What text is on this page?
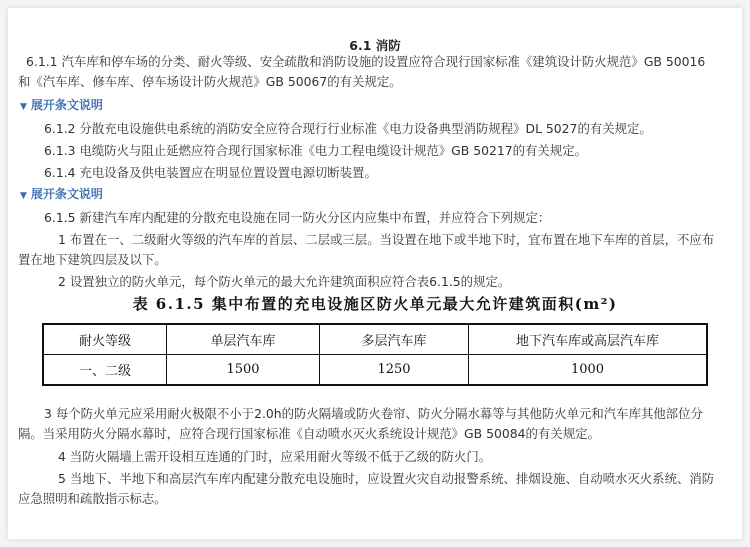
6.1 消防
6.1.1 汽车库和停车场的分类、耐火等级、安全疏散和消防设施的设置应符合现行国家标准《建筑设计防火规范》GB 50016
和《汽车库、修车库、停车场设计防火规范》GB 50067的有关规定。
▼ 展开条文说明
6.1.2 分散充电设施供电系统的消防安全应符合现行行业标准《电力设备典型消防规程》DL 5027的有关规定。
6.1.3 电缆防火与阻止延燃应符合现行国家标准《电力工程电缆设计规范》GB 50217的有关规定。
6.1.4 充电设备及供电装置应在明显位置设置电源切断装置。
▼ 展开条文说明
6.1.5 新建汽车库内配建的分散充电设施在同一防火分区内应集中布置，并应符合下列规定：
1 布置在一、二级耐火等级的汽车库的首层、二层或三层。当设置在地下或半地下时，宜布置在地下车库的首层，不应布
置在地下建筑四层及以下。
2 设置独立的防火单元，每个防火单元的最大允许建筑面积应符合表6.1.5的规定。
表 6.1.5 集中布置的充电设施区防火单元最大允许建筑面积(m²)
耐火等级	单层汽车库	多层汽车库	地下汽车库或高层汽车库
一、二级	1500	1250	1000
3 每个防火单元应采用耐火极限不小于2.0h的防火隔墙或防火卷帘、防火分隔水幕等与其他防火单元和汽车库其他部位分
隔。当采用防火分隔水幕时，应符合现行国家标准《自动喷水灭火系统设计规范》GB 50084的有关规定。
4 当防火隔墙上需开设相互连通的门时，应采用耐火等级不低于乙级的防火门。
5 当地下、半地下和高层汽车库内配建分散充电设施时，应设置火灾自动报警系统、排烟设施、自动喷水灭火系统、消防
应急照明和疏散指示标志。
